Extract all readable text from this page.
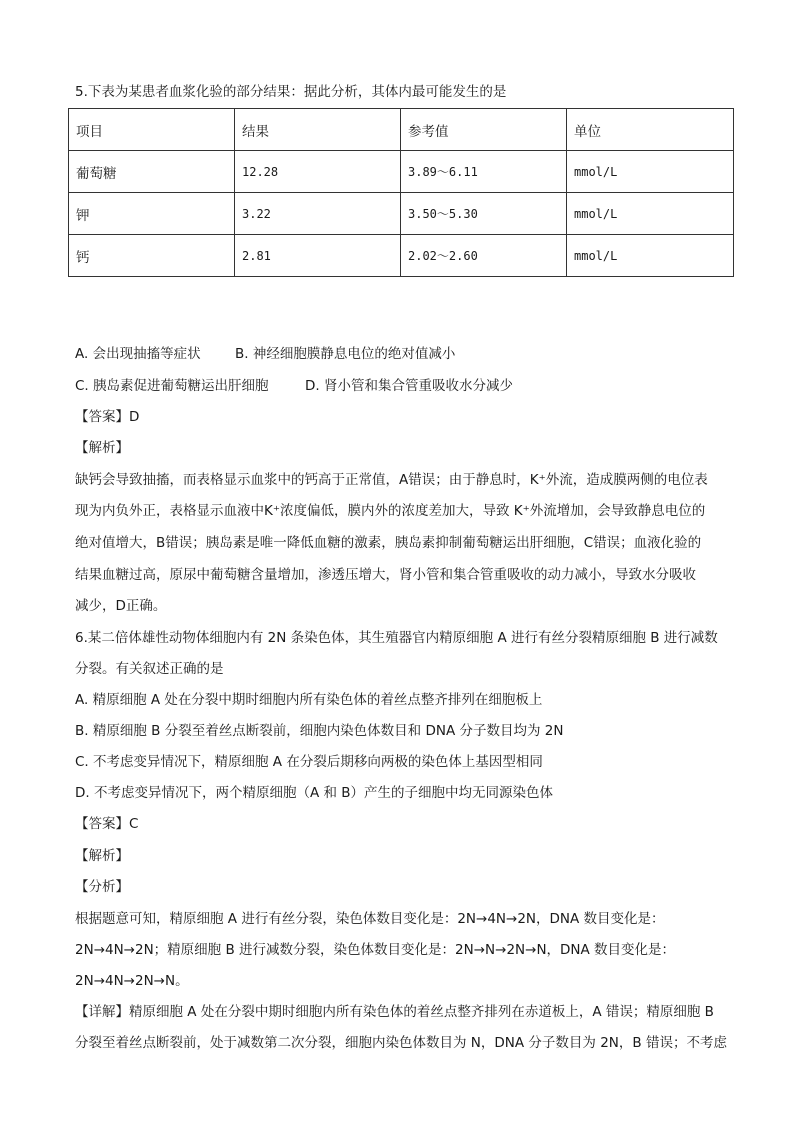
5.下表为某患者血浆化验的部分结果：据此分析，其体内最可能发生的是
项目	结果	参考值	单位
葡萄糖	12.28	3.89～6.11	mmol/L
钾	3.22	3.50～5.30	mmol/L
钙	2.81	2.02～2.60	mmol/L
A. 会出现抽搐等症状	B. 神经细胞膜静息电位的绝对值减小
C. 胰岛素促进葡萄糖运出肝细胞	D. 肾小管和集合管重吸收水分减少
【答案】D
【解析】
缺钙会导致抽搐，而表格显示血浆中的钙高于正常值，A错误；由于静息时，K⁺外流，造成膜两侧的电位表
现为内负外正，表格显示血液中K⁺浓度偏低，膜内外的浓度差加大，导致 K⁺外流增加，会导致静息电位的
绝对值增大，B错误；胰岛素是唯一降低血糖的激素，胰岛素抑制葡萄糖运出肝细胞，C错误；血液化验的
结果血糖过高，原尿中葡萄糖含量增加，渗透压增大，肾小管和集合管重吸收的动力减小，导致水分吸收
减少，D正确。
6.某二倍体雄性动物体细胞内有 2N 条染色体，其生殖器官内精原细胞 A 进行有丝分裂精原细胞 B 进行减数
分裂。有关叙述正确的是
A. 精原细胞 A 处在分裂中期时细胞内所有染色体的着丝点整齐排列在细胞板上
B. 精原细胞 B 分裂至着丝点断裂前，细胞内染色体数目和 DNA 分子数目均为 2N
C. 不考虑变异情况下，精原细胞 A 在分裂后期移向两极的染色体上基因型相同
D. 不考虑变异情况下，两个精原细胞（A 和 B）产生的子细胞中均无同源染色体
【答案】C
【解析】
【分析】
根据题意可知，精原细胞 A 进行有丝分裂，染色体数目变化是：2N→4N→2N，DNA 数目变化是：
2N→4N→2N；精原细胞 B 进行减数分裂，染色体数目变化是：2N→N→2N→N，DNA 数目变化是：
2N→4N→2N→N。
【详解】精原细胞 A 处在分裂中期时细胞内所有染色体的着丝点整齐排列在赤道板上，A 错误；精原细胞 B
分裂至着丝点断裂前，处于减数第二次分裂，细胞内染色体数目为 N，DNA 分子数目为 2N，B 错误；不考虑
